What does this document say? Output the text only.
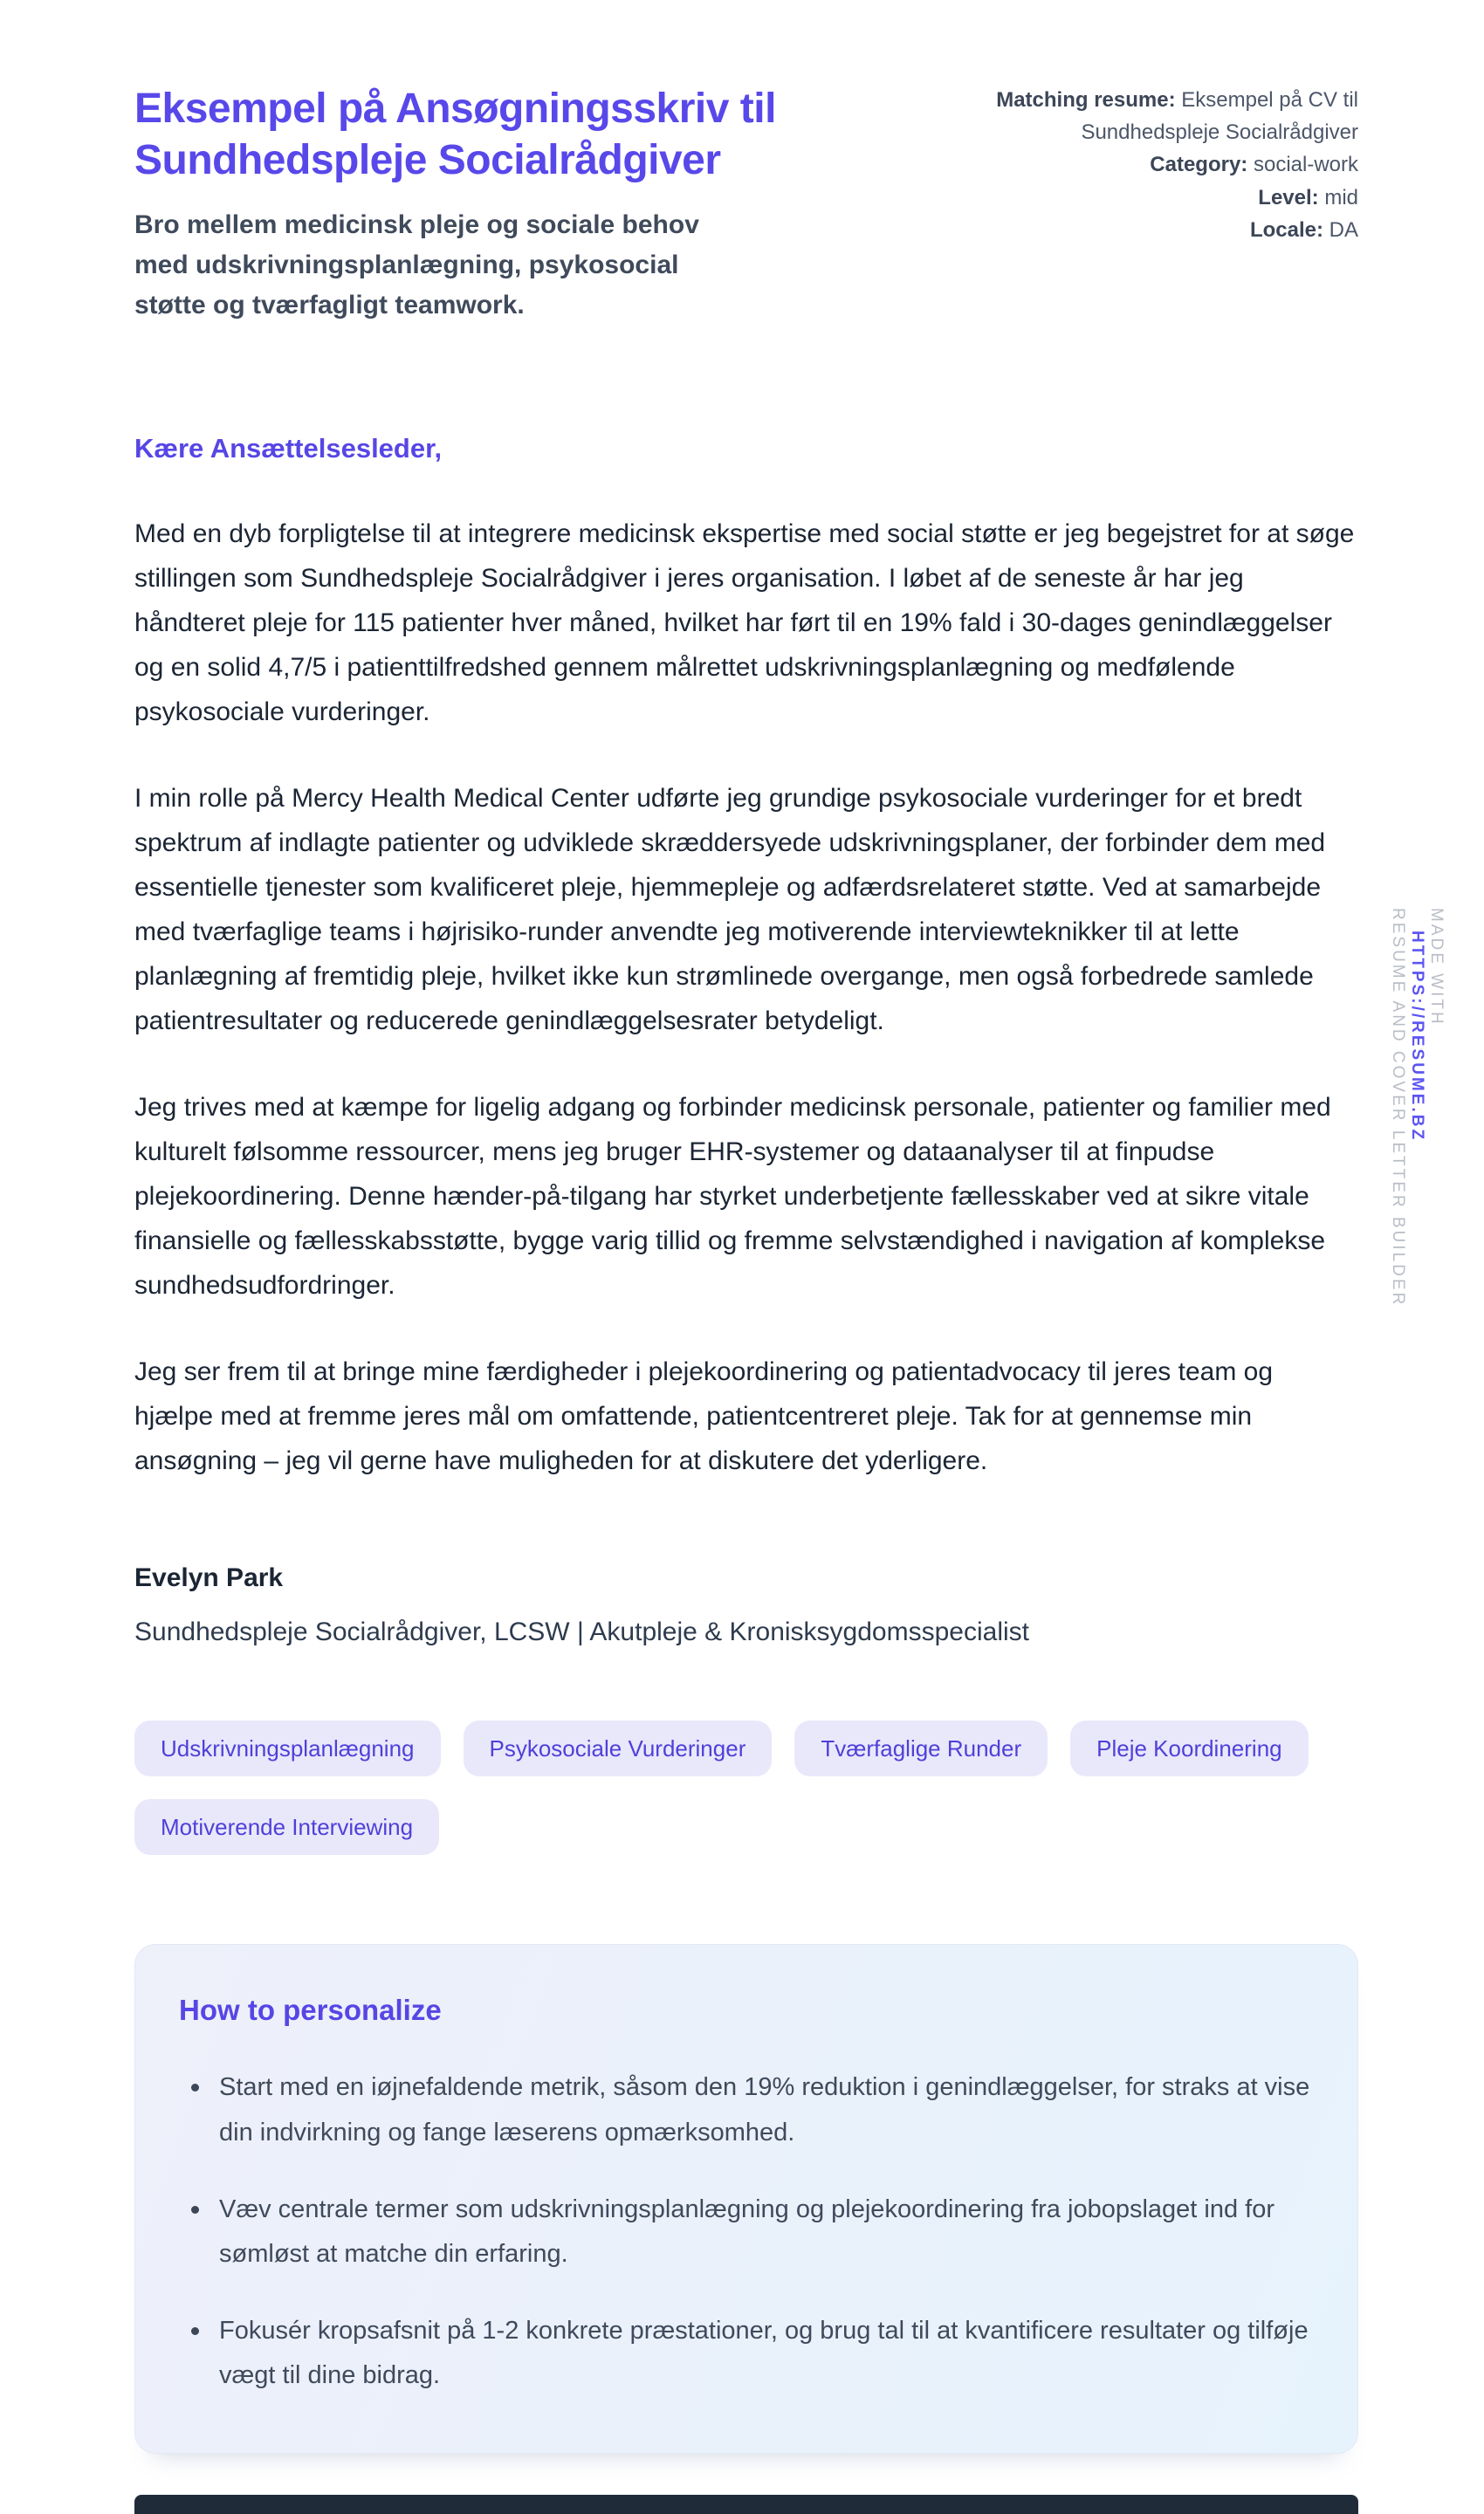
Eksempel på Ansøgningsskriv til Sundhedspleje Socialrådgiver

Bro mellem medicinsk pleje og sociale behov med udskrivningsplanlægning, psykosocial støtte og tværfagligt teamwork.

Matching resume: Eksempel på CV til Sundhedspleje Socialrådgiver

Category: social-work

Level: mid

Locale: DA

Kære Ansættelsesleder,

Med en dyb forpligtelse til at integrere medicinsk ekspertise med social støtte er jeg begejstret for at søge stillingen som Sundhedspleje Socialrådgiver i jeres organisation. I løbet af de seneste år har jeg håndteret pleje for 115 patienter hver måned, hvilket har ført til en 19% fald i 30-dages genindlæggelser og en solid 4,7/5 i patienttilfredshed gennem målrettet udskrivningsplanlægning og medfølende psykosociale vurderinger.

I min rolle på Mercy Health Medical Center udførte jeg grundige psykosociale vurderinger for et bredt spektrum af indlagte patienter og udviklede skræddersyede udskrivningsplaner, der forbinder dem med essentielle tjenester som kvalificeret pleje, hjemmepleje og adfærdsrelateret støtte. Ved at samarbejde med tværfaglige teams i højrisiko-runder anvendte jeg motiverende interviewteknikker til at lette planlægning af fremtidig pleje, hvilket ikke kun strømlinede overgange, men også forbedrede samlede patientresultater og reducerede genindlæggelsesrater betydeligt.

Jeg trives med at kæmpe for ligelig adgang og forbinder medicinsk personale, patienter og familier med kulturelt følsomme ressourcer, mens jeg bruger EHR-systemer og dataanalyser til at finpudse plejekoordinering. Denne hænder-på-tilgang har styrket underbetjente fællesskaber ved at sikre vitale finansielle og fællesskabsstøtte, bygge varig tillid og fremme selvstændighed i navigation af komplekse sundhedsudfordringer.

Jeg ser frem til at bringe mine færdigheder i plejekoordinering og patientadvocacy til jeres team og hjælpe med at fremme jeres mål om omfattende, patientcentreret pleje. Tak for at gennemse min ansøgning – jeg vil gerne have muligheden for at diskutere det yderligere.

Evelyn Park

Sundhedspleje Socialrådgiver, LCSW | Akutpleje & Kronisksygdomsspecialist

Udskrivningsplanlægning	Psykosociale Vurderinger	Tværfaglige Runder	Pleje Koordinering
Motiverende Interviewing
How to personalize
Start med en iøjnefaldende metrik, såsom den 19% reduktion i genindlæggelser, for straks at vise din indvirkning og fange læserens opmærksomhed.
Væv centrale termer som udskrivningsplanlægning og plejekoordinering fra jobopslaget ind for sømløst at matche din erfaring.
Fokusér kropsafsnit på 1-2 konkrete præstationer, og brug tal til at kvantificere resultater og tilføje vægt til dine bidrag.
MADE WITH
HTTPS://RESUME.BZ
RESUME AND COVER LETTER BUILDER
